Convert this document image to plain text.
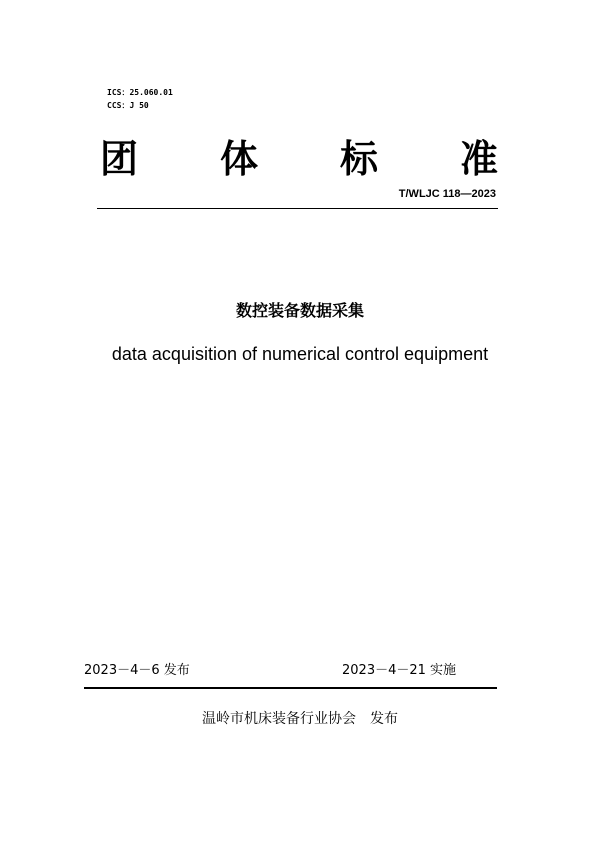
ICS：25.060.01
CCS：J 50
团 体 标 准
T/WLJC 118—2023
数控装备数据采集
data acquisition of numerical control equipment
2023－4－6 发布	2023－4－21 实施
温岭市机床装备行业协会　发布
